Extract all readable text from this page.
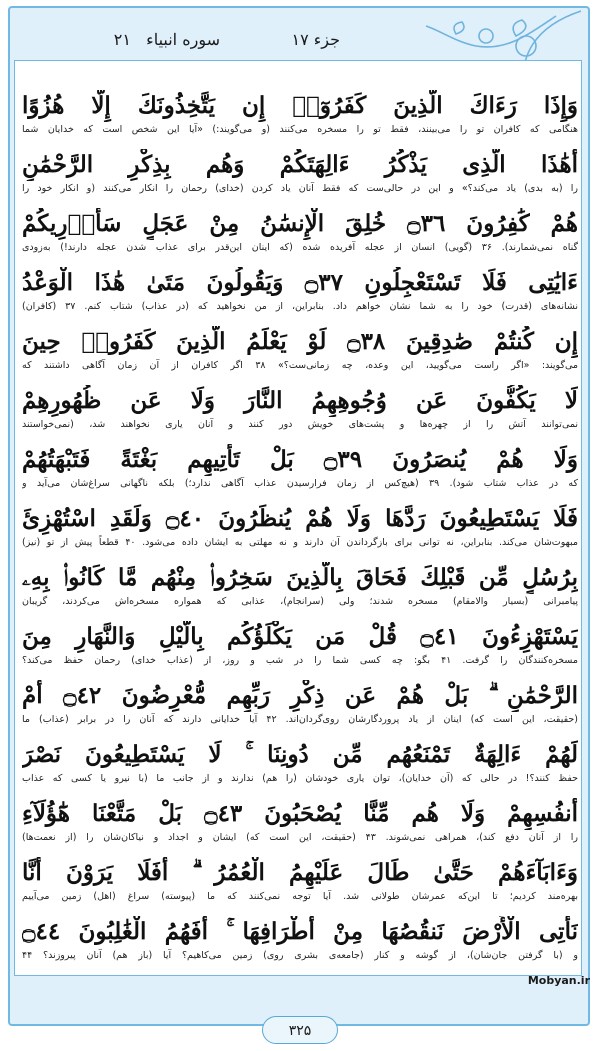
سوره انبیاء   ۲۱	جزء ۱۷
وَإِذَا رَءَاكَ الَّذِينَ كَفَرُوٓا۟ إِن يَتَّخِذُونَكَ إِلَّا هُزُوًا
هنگامی که کافران تو را می‌بینند، فقط تو را مسخره می‌کنند (و می‌گویند:) «آیا این شخص است که خدایان شما
أَهَٰذَا الَّذِى يَذْكُرُ ءَالِهَتَكُمْ وَهُم بِذِكْرِ الرَّحْمَٰنِ
را (به بدی) یاد می‌کند؟» و این در حالی‌ست که فقط آنان یاد کردن (خدای) رحمان را انکار می‌کنند (و انکار خود را
هُمْ كَٰفِرُونَ ۝٣٦ خُلِقَ الْإِنسَٰنُ مِنْ عَجَلٍ سَأُو۟رِيكُمْ
گناه نمی‌شمارند). ۳۶ (گویی) انسان از عجله آفریده شده (که اینان این‌قدر برای عذاب شدن عجله دارند!) به‌زودی
ءَايَٰتِى فَلَا تَسْتَعْجِلُونِ ۝٣٧ وَيَقُولُونَ مَتَىٰ هَٰذَا الْوَعْدُ
نشانه‌های (قدرت) خود را به شما نشان خواهم داد. بنابراین، از من نخواهید که (در عذاب) شتاب کنم. ۳۷ (کافران)
إِن كُنتُمْ صَٰدِقِينَ ۝٣٨ لَوْ يَعْلَمُ الَّذِينَ كَفَرُوا۟ حِينَ
می‌گویند: «اگر راست می‌گویید، این وعده، چه زمانی‌ست؟» ۳۸ اگر کافران از آن زمان آگاهی داشتند که
لَا يَكُفُّونَ عَن وُجُوهِهِمُ النَّارَ وَلَا عَن ظُهُورِهِمْ
نمی‌توانند آتش را از چهره‌ها و پشت‌های خویش دور کنند و آنان یاری نخواهند شد، (نمی‌خواستند
وَلَا هُمْ يُنصَرُونَ ۝٣٩ بَلْ تَأْتِيهِم بَغْتَةً فَتَبْهَتُهُمْ
که در عذاب شتاب شود). ۳۹ (هیچ‌کس از زمان فرارسیدن عذاب آگاهی ندارد؛) بلکه ناگهانی سراغ‌شان می‌آید و
فَلَا يَسْتَطِيعُونَ رَدَّهَا وَلَا هُمْ يُنظَرُونَ ۝٤٠ وَلَقَدِ اسْتُهْزِئَ
مبهوت‌شان می‌کند. بنابراین، نه توانی برای بازگرداندن آن دارند و نه مهلتی به ایشان داده می‌شود. ۴۰ قطعاً پیش از تو (نیز)
بِرُسُلٍ مِّن قَبْلِكَ فَحَاقَ بِالَّذِينَ سَخِرُوا۟ مِنْهُم مَّا كَانُوا۟ بِهِۦ
پیامبرانی (بسیار والامقام) مسخره شدند؛ ولی (سرانجام)، عذابی که همواره مسخره‌اش می‌کردند، گریبان
يَسْتَهْزِءُونَ ۝٤١ قُلْ مَن يَكْلَؤُكُم بِالَّيْلِ وَالنَّهَارِ مِنَ
مسخره‌کنندگان را گرفت. ۴۱ بگو: چه کسی شما را در شب و روز، از (عذاب خدای) رحمان حفظ می‌کند؟
الرَّحْمَٰنِ ۗ بَلْ هُمْ عَن ذِكْرِ رَبِّهِم مُّعْرِضُونَ ۝٤٢ أَمْ
(حقیقت، این است که) اینان از یاد پروردگارشان روی‌گردان‌اند. ۴۲ آیا خدایانی دارند که آنان را در برابر (عذاب) ما
لَهُمْ ءَالِهَةٌ تَمْنَعُهُم مِّن دُونِنَا ۚ لَا يَسْتَطِيعُونَ نَصْرَ
حفظ کنند؟! در حالی که (آن خدایان)، توان یاری خودشان (را هم) ندارند و از جانب ما (با نیرو یا کسی که عذاب
أَنفُسِهِمْ وَلَا هُم مِّنَّا يُصْحَبُونَ ۝٤٣ بَلْ مَتَّعْنَا هَٰٓؤُلَآءِ
را از آنان دفع کند)، همراهی نمی‌شوند. ۴۳ (حقیقت، این است که) ایشان و اجداد و نیاکان‌شان را (از نعمت‌ها)
وَءَابَآءَهُمْ حَتَّىٰ طَالَ عَلَيْهِمُ الْعُمُرُ ۗ أَفَلَا يَرَوْنَ أَنَّا
بهره‌مند کردیم؛ تا این‌که عمرشان طولانی شد. آیا توجه نمی‌کنند که ما (پیوسته) سراغ (اهل) زمین می‌آییم
نَأْتِى الْأَرْضَ نَنقُصُهَا مِنْ أَطْرَافِهَا ۚ أَفَهُمُ الْغَٰلِبُونَ ۝٤٤
و (با گرفتن جان‌شان)، از گوشه و کنار (جامعه‌ی بشری روی) زمین می‌کاهیم؟ آیا (باز هم) آنان پیروزند؟ ۴۴
Mobyan.ir
۳۲۵
